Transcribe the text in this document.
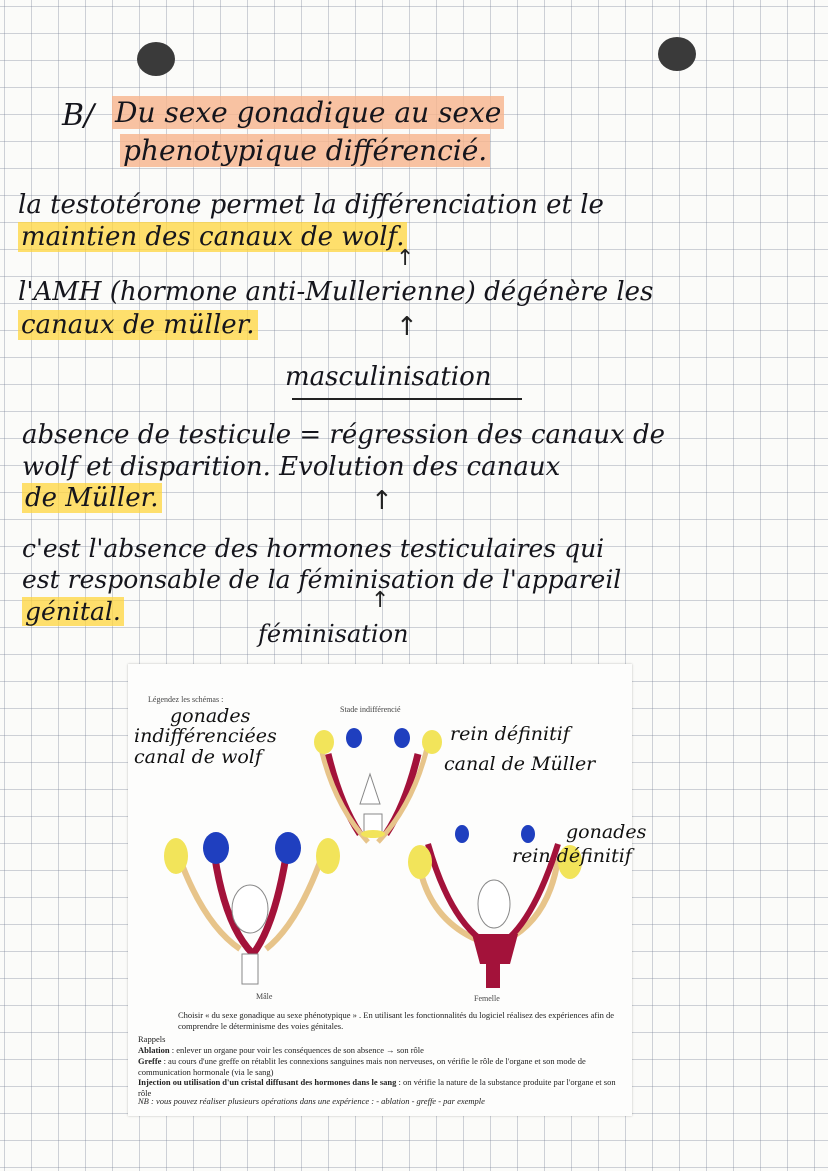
B/ Du sexe gonadique au sexe
phenotypique différencié.
la testotérone permet la différenciation et le
maintien des canaux de wolf.
↑
l'AMH (hormone anti-Mullerienne) dégénère les
canaux de müller.	↑
masculinisation
absence de testicule = régression des canaux de
wolf et disparition. Evolution des canaux
de Müller.	↑
c'est l'absence des hormones testiculaires qui
est responsable de la féminisation de l'appareil
génital.	↑
féminisation
Légendez les schémas :
Stade indifférencié
Mâle	Femelle
gonades
indifférenciées
canal de wolf
rein définitif
canal de Müller
gonades
rein définitif
Choisir « du sexe gonadique au sexe phénotypique » . En utilisant les fonctionnalités du logiciel réalisez des expériences afin de comprendre le déterminisme des voies génitales.
Rappels
Ablation : enlever un organe pour voir les conséquences de son absence → son rôle
Greffe : au cours d'une greffe on rétablit les connexions sanguines mais non nerveuses, on vérifie le rôle de l'organe et son mode de communication hormonale (via le sang)
Injection ou utilisation d'un cristal diffusant des hormones dans le sang : on vérifie la nature de la substance produite par l'organe et son rôle
NB : vous pouvez réaliser plusieurs opérations dans une expérience : - ablation - greffe - par exemple
